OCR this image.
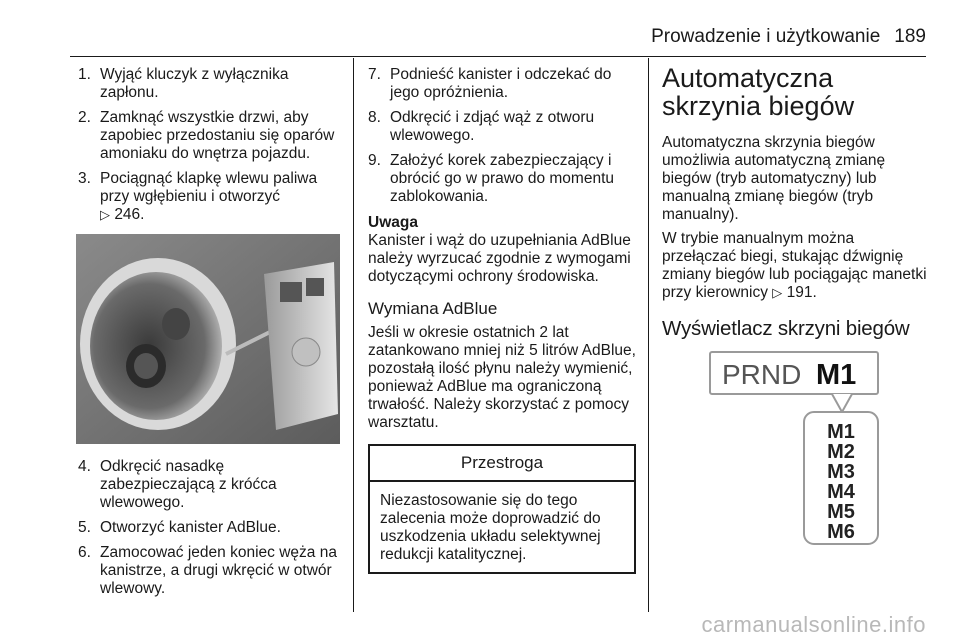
Prowadzenie i użytkowanie 189
1. Wyjąć kluczyk z wyłącznika zapłonu.
2. Zamknąć wszystkie drzwi, aby zapobiec przedostaniu się oparów amoniaku do wnętrza pojazdu.
3. Pociągnąć klapkę wlewu paliwa przy wgłębieniu i otworzyć
⁠▷ 246.
4. Odkręcić nasadkę zabezpieczającą z króćca wlewowego.
5. Otworzyć kanister AdBlue.
6. Zamocować jeden koniec węża na kanistrze, a drugi wkręcić w otwór wlewowy.
7. Podnieść kanister i odczekać do jego opróżnienia.
8. Odkręcić i zdjąć wąż z otworu wlewowego.
9. Założyć korek zabezpieczający i obrócić go w prawo do momentu zablokowania.
Uwaga

Kanister i wąż do uzupełniania AdBlue należy wyrzucać zgodnie z wymogami dotyczącymi ochrony środowiska.

Wymiana AdBlue

Jeśli w okresie ostatnich 2 lat zatankowano mniej niż 5 litrów AdBlue, pozostałą ilość płynu należy wymienić, ponieważ AdBlue ma ograniczoną trwałość. Należy skorzystać z pomocy warsztatu.

Przestroga
Niezastosowanie się do tego zalecenia może doprowadzić do uszkodzenia układu selektywnej redukcji katalitycznej.
Automatyczna skrzynia biegów

Automatyczna skrzynia biegów umożliwia automatyczną zmianę biegów (tryb automatyczny) lub manualną zmianę biegów (tryb manualny).

W trybie manualnym można przełączać biegi, stukając dźwignię zmiany biegów lub pociągając manetki przy kierownicy ⁠▷ 191.

Wyświetlacz skrzyni biegów
PRND M1
M1
M2
M3
M4
M5
M6
carmanualsonline.info
